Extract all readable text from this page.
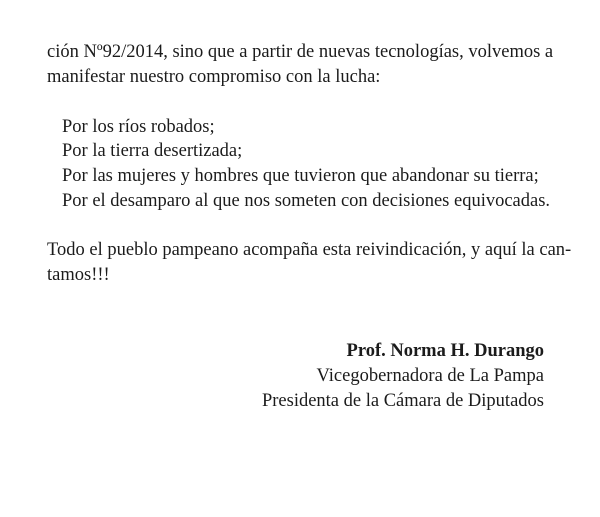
ción Nº92/2014, sino que a partir de nuevas tecnologías, volvemos a
manifestar nuestro compromiso con la lucha:
Por los ríos robados;
Por la tierra desertizada;
Por las mujeres y hombres que tuvieron que abandonar su tierra;
Por el desamparo al que nos someten con decisiones equivocadas.
Todo el pueblo pampeano acompaña esta reivindicación, y aquí la can-
tamos!!!
Prof. Norma H. Durango
Vicegobernadora de La Pampa
Presidenta de la Cámara de Diputados
